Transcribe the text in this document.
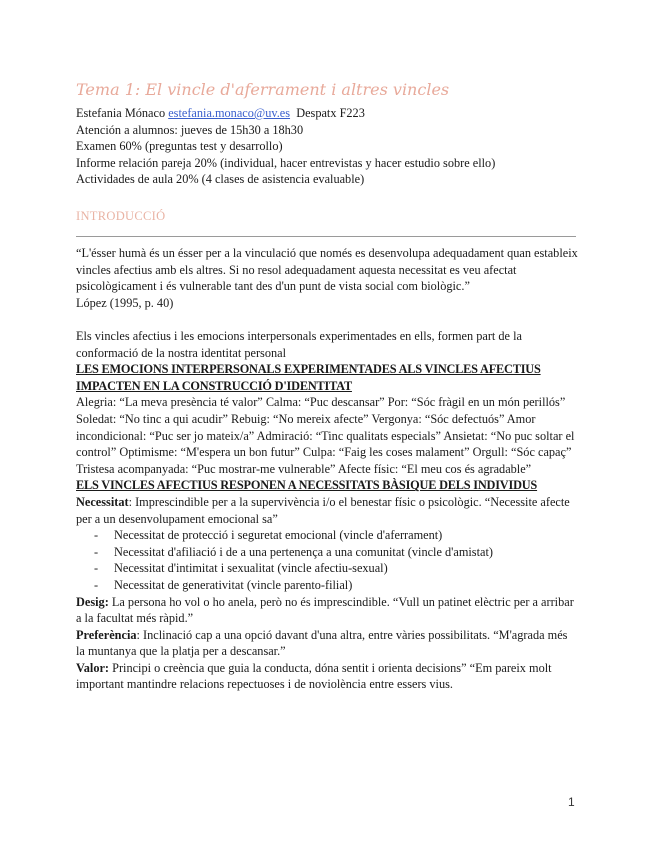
Tema 1: El vincle d'aferrament i altres vincles

Estefania Mónaco estefania.monaco@uv.es Despatx F223

Atención a alumnos: jueves de 15h30 a 18h30

Examen 60% (preguntas test y desarrollo)

Informe relación pareja 20% (individual, hacer entrevistas y hacer estudio sobre ello)

Actividades de aula 20% (4 clases de asistencia evaluable)

INTRODUCCIÓ

“L'ésser humà és un ésser per a la vinculació que només es desenvolupa adequadament quan estableix vincles afectius amb els altres. Si no resol adequadament aquesta necessitat es veu afectat psicològicament i és vulnerable tant des d'un punt de vista social com biològic.”

López (1995, p. 40)

Els vincles afectius i les emocions interpersonals experimentades en ells, formen part de la conformació de la nostra identitat personal

LES EMOCIONS INTERPERSONALS EXPERIMENTADES ALS VINCLES AFECTIUS IMPACTEN EN LA CONSTRUCCIÓ D'IDENTITAT

Alegria: “La meva presència té valor” Calma: “Puc descansar” Por: “Sóc fràgil en un món perillós” Soledat: “No tinc a qui acudir” Rebuig: “No mereix afecte” Vergonya: “Sóc defectuós” Amor incondicional: “Puc ser jo mateix/a” Admiració: “Tinc qualitats especials” Ansietat: “No puc soltar el control” Optimisme: “M'espera un bon futur” Culpa: “Faig les coses malament” Orgull: “Sóc capaç” Tristesa acompanyada: “Puc mostrar-me vulnerable” Afecte físic: “El meu cos és agradable”

ELS VINCLES AFECTIUS RESPONEN A NECESSITATS BÀSIQUE DELS INDIVIDUS

Necessitat: Imprescindible per a la supervivència i/o el benestar físic o psicològic. “Necessite afecte per a un desenvolupament emocional sa”

- Necessitat de protecció i seguretat emocional (vincle d'aferrament)
- Necessitat d'afiliació i de a una pertenença a una comunitat (vincle d'amistat)
- Necessitat d'intimitat i sexualitat (vincle afectiu-sexual)
- Necessitat de generativitat (vincle parento-filial)

Desig: La persona ho vol o ho anela, però no és imprescindible. “Vull un patinet elèctric per a arribar a la facultat més ràpid.”

Preferència: Inclinació cap a una opció davant d'una altra, entre vàries possibilitats. “M'agrada més la muntanya que la platja per a descansar.”

Valor: Principi o creència que guia la conducta, dóna sentit i orienta decisions” “Em pareix molt important mantindre relacions repectuoses i de noviolència entre essers vius.

1
